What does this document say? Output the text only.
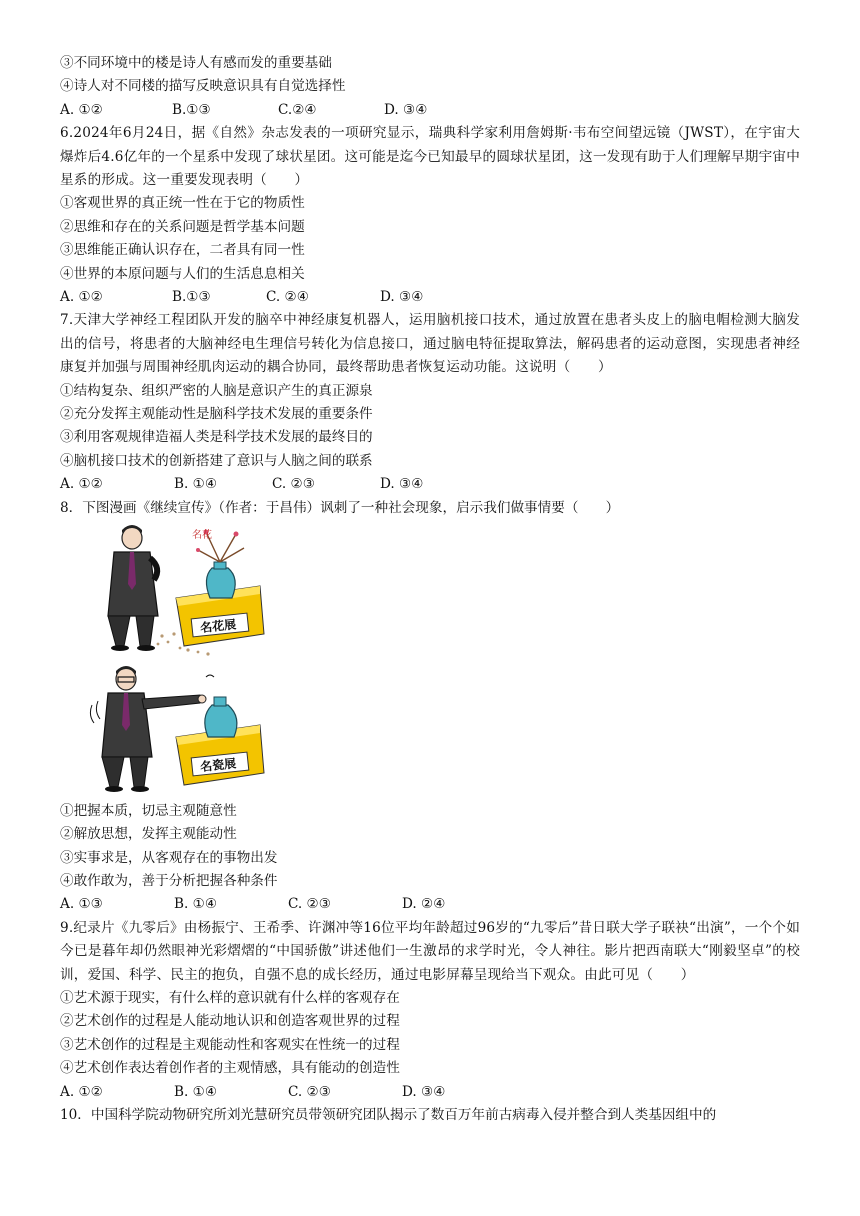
③不同环境中的楼是诗人有感而发的重要基础
④诗人对不同楼的描写反映意识具有自觉选择性
A. ①②	B.①③	C.②④	D. ③④
6.2024年6月24日，据《自然》杂志发表的一项研究显示，瑞典科学家利用詹姆斯·韦布空间望远镜（JWST），在宇宙大爆炸后4.6亿年的一个星系中发现了球状星团。这可能是迄今已知最早的圆球状星团，这一发现有助于人们理解早期宇宙中星系的形成。这一重要发现表明（　　）
①客观世界的真正统一性在于它的物质性
②思维和存在的关系问题是哲学基本问题
③思维能正确认识存在，二者具有同一性
④世界的本原问题与人们的生活息息相关
A. ①②	B.①③	C. ②④	D. ③④
7.天津大学神经工程团队开发的脑卒中神经康复机器人，运用脑机接口技术，通过放置在患者头皮上的脑电帽检测大脑发出的信号，将患者的大脑神经电生理信号转化为信息接口，通过脑电特征提取算法，解码患者的运动意图，实现患者神经康复并加强与周围神经肌肉运动的耦合协同，最终帮助患者恢复运动功能。这说明（　　）
①结构复杂、组织严密的人脑是意识产生的真正源泉
②充分发挥主观能动性是脑科学技术发展的重要条件
③利用客观规律造福人类是科学技术发展的最终目的
④脑机接口技术的创新搭建了意识与人脑之间的联系
A. ①②	B. ①④	C. ②③	D. ③④
8．下图漫画《继续宣传》（作者：于昌伟）讽刺了一种社会现象，启示我们做事情要（　　）
名花展
名花
名瓷展
①把握本质，切忌主观随意性
②解放思想，发挥主观能动性
③实事求是，从客观存在的事物出发
④敢作敢为，善于分析把握各种条件
A. ①③	B. ①④	C. ②③	D. ②④
9.纪录片《九零后》由杨振宁、王希季、许渊冲等16位平均年龄超过96岁的“九零后”昔日联大学子联袂“出演”，一个个如今已是暮年却仍然眼神光彩熠熠的“中国骄傲”讲述他们一生激昂的求学时光，令人神往。影片把西南联大“刚毅坚卓”的校训，爱国、科学、民主的抱负，自强不息的成长经历，通过电影屏幕呈现给当下观众。由此可见（　　）
①艺术源于现实，有什么样的意识就有什么样的客观存在
②艺术创作的过程是人能动地认识和创造客观世界的过程
③艺术创作的过程是主观能动性和客观实在性统一的过程
④艺术创作表达着创作者的主观情感，具有能动的创造性
A. ①②	B. ①④	C. ②③	D. ③④
10．中国科学院动物研究所刘光慧研究员带领研究团队揭示了数百万年前古病毒入侵并整合到人类基因组中的
